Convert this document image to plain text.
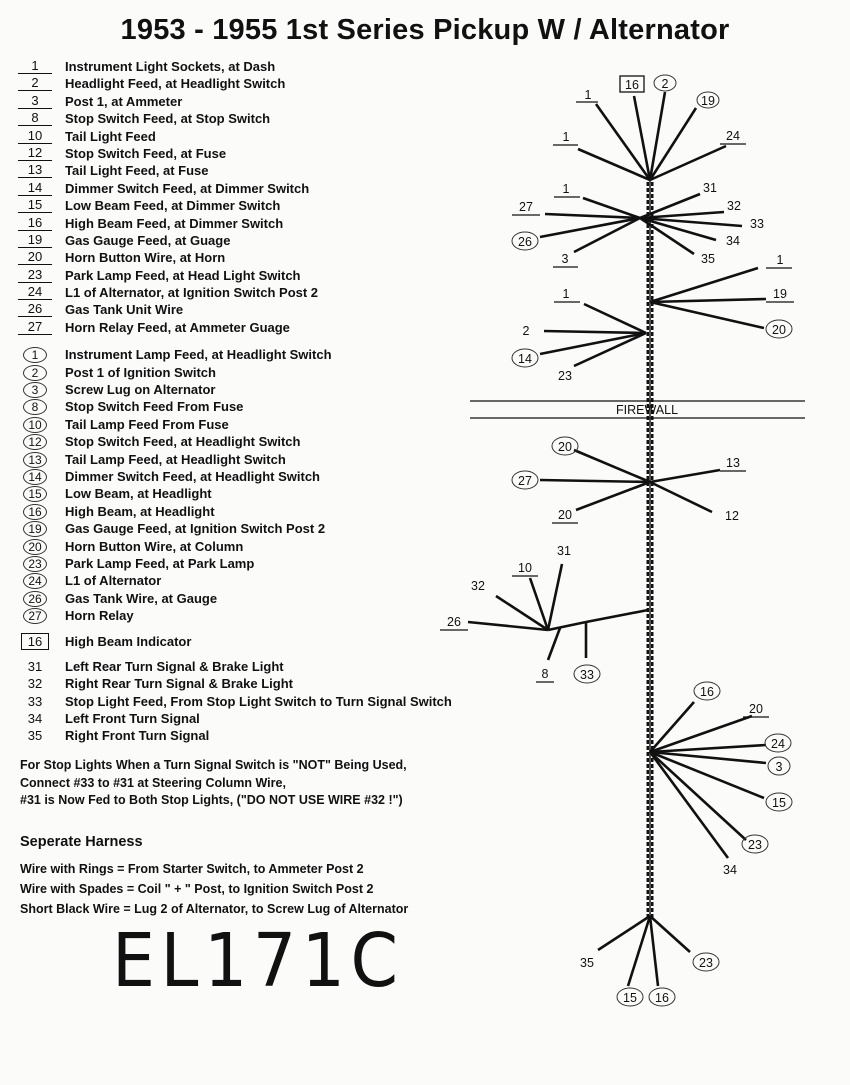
1953 - 1955 1st Series Pickup W / Alternator
1	Instrument Light Sockets, at Dash
2	Headlight Feed, at Headlight Switch
3	Post 1, at Ammeter
8	Stop Switch Feed, at Stop Switch
10	Tail Light Feed
12	Stop Switch Feed, at Fuse
13	Tail Light Feed, at Fuse
14	Dimmer Switch Feed, at Dimmer Switch
15	Low Beam Feed, at Dimmer Switch
16	High Beam Feed, at Dimmer Switch
19	Gas Gauge Feed, at Guage
20	Horn Button Wire, at Horn
23	Park Lamp Feed, at Head Light Switch
24	L1 of Alternator, at Ignition Switch Post 2
26	Gas Tank Unit Wire
27	Horn Relay Feed, at Ammeter Guage
1	Instrument Lamp Feed, at Headlight Switch
2	Post 1 of Ignition Switch
3	Screw Lug on Alternator
8	Stop Switch Feed From Fuse
10	Tail Lamp Feed From Fuse
12	Stop Switch Feed, at Headlight Switch
13	Tail Lamp Feed, at Headlight Switch
14	Dimmer Switch Feed, at Headlight Switch
15	Low Beam, at Headlight
16	High Beam, at Headlight
19	Gas Gauge Feed, at Ignition Switch Post 2
20	Horn Button Wire, at Column
23	Park Lamp Feed, at Park Lamp
24	L1 of Alternator
26	Gas Tank Wire, at Gauge
27	Horn Relay
16	High Beam Indicator
31	Left Rear Turn Signal & Brake Light
32	Right Rear Turn Signal & Brake Light
33	Stop Light Feed, From Stop Light Switch to Turn Signal Switch
34	Left Front Turn Signal
35	Right Front Turn Signal
For Stop Lights When a Turn Signal Switch is "NOT" Being Used,
Connect #33 to #31 at Steering Column Wire,
#31 is Now Fed to Both Stop Lights, ("DO NOT USE WIRE #32 !")
Seperate Harness
Wire with Rings = From Starter Switch, to Ammeter Post 2
Wire with Spades = Coil " + " Post, to Ignition Switch Post 2
Short Black Wire = Lug 2 of Alternator, to Screw Lug of Alternator
EL171C
FIREWALL
16 2
1	19
1	24
1
27
26
3
31
32
33
34
35	1
19
20
1
2
14
23
20
27
20
13
12
31
10
32
26
8	33
16
20
24
3
15
23
34
35	23
15 16
